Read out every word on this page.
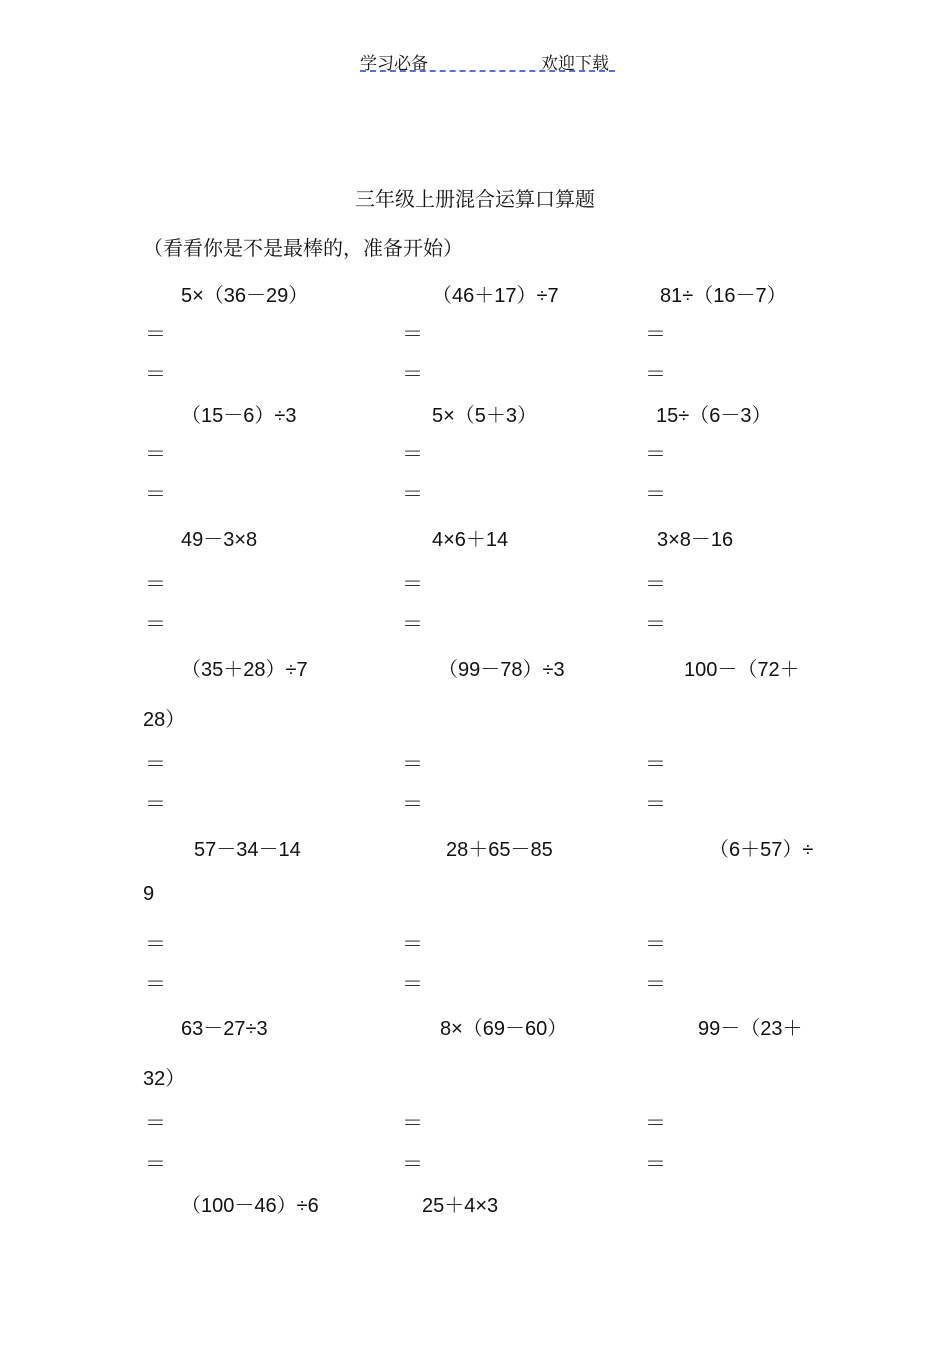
学习必备	欢迎下载
三年级上册混合运算口算题
（看看你是不是最棒的，准备开始）
5×（36－29）
＝
＝
（46＋17）÷7
＝
＝
81÷（16－7）
＝
＝
（15－6）÷3
＝
＝
5×（5＋3）
＝
＝
15÷（6－3）
＝
＝
49－3×8
＝
＝
4×6＋14
＝
＝
3×8－16
＝
＝
（35＋28）÷7
＝
＝
（99－78）÷3
＝
＝
100－（72＋
28）
＝
＝
57－34－14
＝
＝
28＋65－85
＝
＝
（6＋57）÷
9
＝
＝
63－27÷3
＝
＝
8×（69－60）
＝
＝
99－（23＋
32）
＝
＝
（100－46）÷6	25＋4×3
